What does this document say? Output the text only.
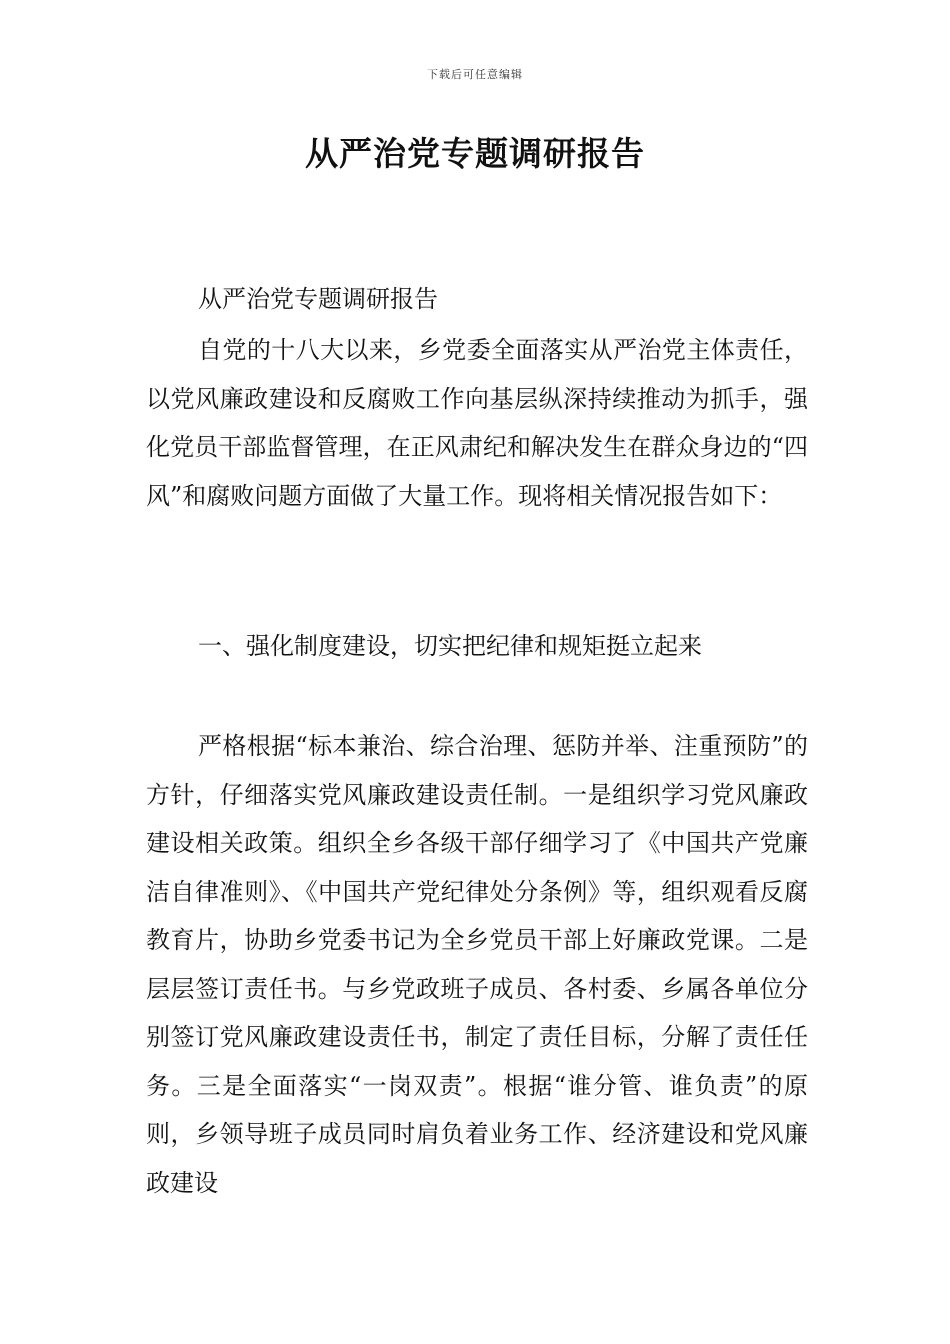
下载后可任意编辑
从严治党专题调研报告

从严治党专题调研报告

自党的十八大以来，乡党委全面落实从严治党主体责任，以党风廉政建设和反腐败工作向基层纵深持续推动为抓手，强化党员干部监督管理，在正风肃纪和解决发生在群众身边的“四风”和腐败问题方面做了大量工作。现将相关情况报告如下：

一、强化制度建设，切实把纪律和规矩挺立起来

严格根据“标本兼治、综合治理、惩防并举、注重预防”的方针，仔细落实党风廉政建设责任制。一是组织学习党风廉政建设相关政策。组织全乡各级干部仔细学习了《中国共产党廉洁自律准则》、《中国共产党纪律处分条例》等，组织观看反腐教育片，协助乡党委书记为全乡党员干部上好廉政党课。二是层层签订责任书。与乡党政班子成员、各村委、乡属各单位分别签订党风廉政建设责任书，制定了责任目标，分解了责任任务。三是全面落实“一岗双责”。根据“谁分管、谁负责”的原则，乡领导班子成员同时肩负着业务工作、经济建设和党风廉政建设
